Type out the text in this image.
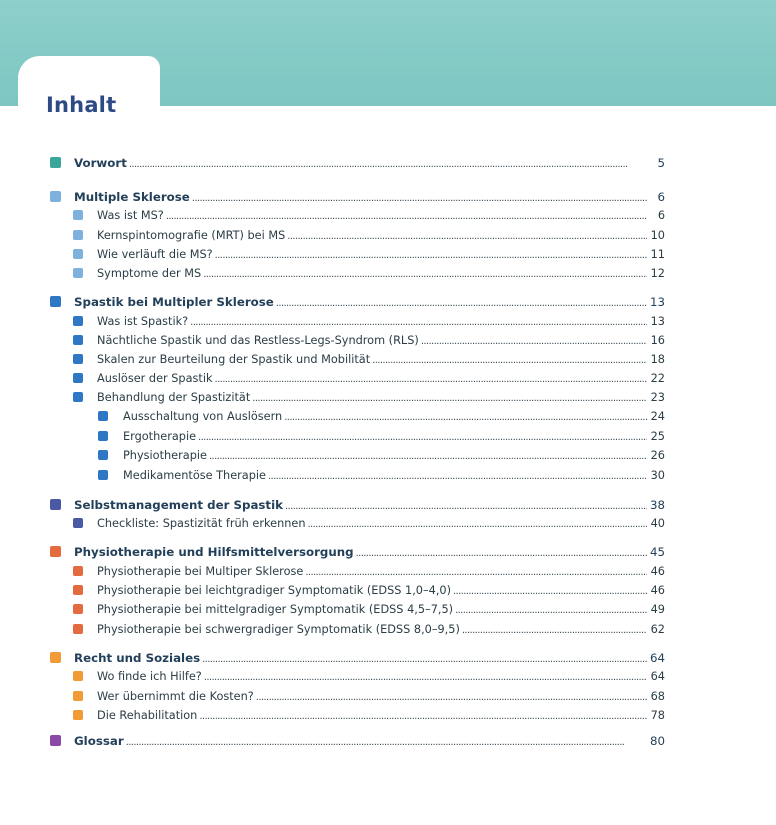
Inhalt
Vorwort . . .	5
Multiple Sklerose . . .	6
Was ist MS? . . .	6
Kernspintomografie (MRT) bei MS . . .	10
Wie verläuft die MS? . . .	11
Symptome der MS . . .	12
Spastik bei Multipler Sklerose . . .	13
Was ist Spastik? . . .	13
Nächtliche Spastik und das Restless-Legs-Syndrom (RLS) . . .	16
Skalen zur Beurteilung der Spastik und Mobilität . . .	18
Auslöser der Spastik . . .	22
Behandlung der Spastizität . . .	23
Ausschaltung von Auslösern . . .	24
Ergotherapie . . .	25
Physiotherapie . . .	26
Medikamentöse Therapie . . .	30
Selbstmanagement der Spastik . . .	38
Checkliste: Spastizität früh erkennen . . .	40
Physiotherapie und Hilfsmittelversorgung . . .	45
Physiotherapie bei Multiper Sklerose . . .	46
Physiotherapie bei leichtgradiger Symptomatik (EDSS 1,0–4,0) . . .	46
Physiotherapie bei mittelgradiger Symptomatik (EDSS 4,5–7,5) . . .	49
Physiotherapie bei schwergradiger Symptomatik (EDSS 8,0–9,5) . . .	62
Recht und Soziales . . .	64
Wo finde ich Hilfe? . . .	64
Wer übernimmt die Kosten? . . .	68
Die Rehabilitation . . .	78
Glossar . . .	80
